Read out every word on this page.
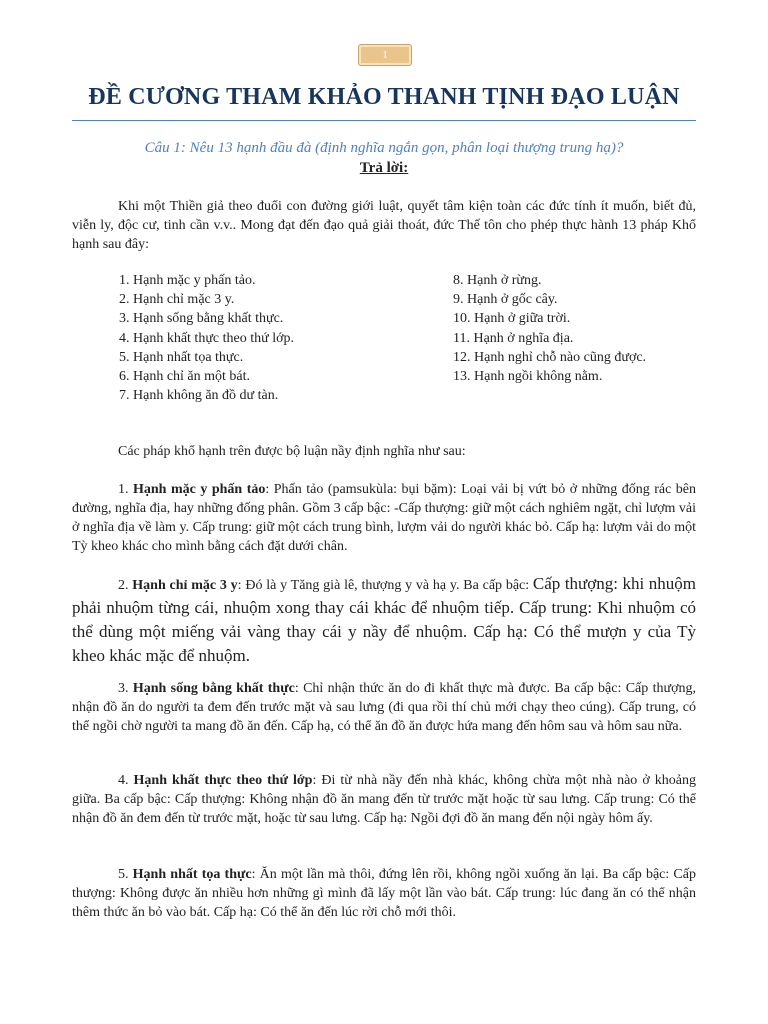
1
ĐỀ CƯƠNG THAM KHẢO THANH TỊNH ĐẠO LUẬN

Câu 1: Nêu 13 hạnh đầu đà (định nghĩa ngắn gọn, phân loại thượng trung hạ)?

Trả lời:

Khi một Thiền giả theo đuổi con đường giới luật, quyết tâm kiện toàn các đức tính ít muốn, biết đủ, viễn ly, độc cư, tinh cần v.v.. Mong đạt đến đạo quả giải thoát, đức Thế tôn cho phép thực hành 13 pháp Khổ hạnh sau đây:

1. Hạnh mặc y phấn tảo.
2. Hạnh chỉ mặc 3 y.
3. Hạnh sống bằng khất thực.
4. Hạnh khất thực theo thứ lớp.
5. Hạnh nhất tọa thực.
6. Hạnh chỉ ăn một bát.
7. Hạnh không ăn đồ dư tàn.
8. Hạnh ở rừng.
9. Hạnh ở gốc cây.
10. Hạnh ở giữa trời.
11. Hạnh ở nghĩa địa.
12. Hạnh nghỉ chỗ nào cũng được.
13. Hạnh ngồi không nằm.

Các pháp khổ hạnh trên được bộ luận nầy định nghĩa như sau:

1. Hạnh mặc y phấn tảo: Phấn tảo (pamsukùla: bụi bặm): Loại vải bị vứt bỏ ở những đống rác bên đường, nghĩa địa, hay những đống phân. Gồm 3 cấp bậc: -Cấp thượng: giữ một cách nghiêm ngặt, chỉ lượm vải ở nghĩa địa về làm y. Cấp trung: giữ một cách trung bình, lượm vải do người khác bỏ. Cấp hạ: lượm vải do một Tỳ kheo khác cho mình bằng cách đặt dưới chân.

2. Hạnh chỉ mặc 3 y: Đó là y Tăng già lê, thượng y và hạ y. Ba cấp bậc: Cấp thượng: khi nhuộm phải nhuộm từng cái, nhuộm xong thay cái khác để nhuộm tiếp. Cấp trung: Khi nhuộm có thể dùng một miếng vải vàng thay cái y nầy để nhuộm. Cấp hạ: Có thể mượn y của Tỳ kheo khác mặc để nhuộm.

3. Hạnh sống bằng khất thực: Chỉ nhận thức ăn do đi khất thực mà được. Ba cấp bậc: Cấp thượng, nhận đồ ăn do người ta đem đến trước mặt và sau lưng (đi qua rồi thí chủ mới chạy theo cúng). Cấp trung, có thể ngồi chờ người ta mang đồ ăn đến. Cấp hạ, có thể ăn đồ ăn được hứa mang đến hôm sau và hôm sau nữa.

4. Hạnh khất thực theo thứ lớp: Đi từ nhà nầy đến nhà khác, không chừa một nhà nào ở khoảng giữa. Ba cấp bậc: Cấp thượng: Không nhận đồ ăn mang đến từ trước mặt hoặc từ sau lưng. Cấp trung: Có thể nhận đồ ăn đem đến từ trước mặt, hoặc từ sau lưng. Cấp hạ: Ngồi đợi đồ ăn mang đến nội ngày hôm ấy.

5. Hạnh nhất tọa thực: Ăn một lần mà thôi, đứng lên rồi, không ngồi xuống ăn lại. Ba cấp bậc: Cấp thượng: Không được ăn nhiều hơn những gì mình đã lấy một lần vào bát. Cấp trung: lúc đang ăn có thể nhận thêm thức ăn bỏ vào bát. Cấp hạ: Có thể ăn đến lúc rời chỗ mới thôi.
